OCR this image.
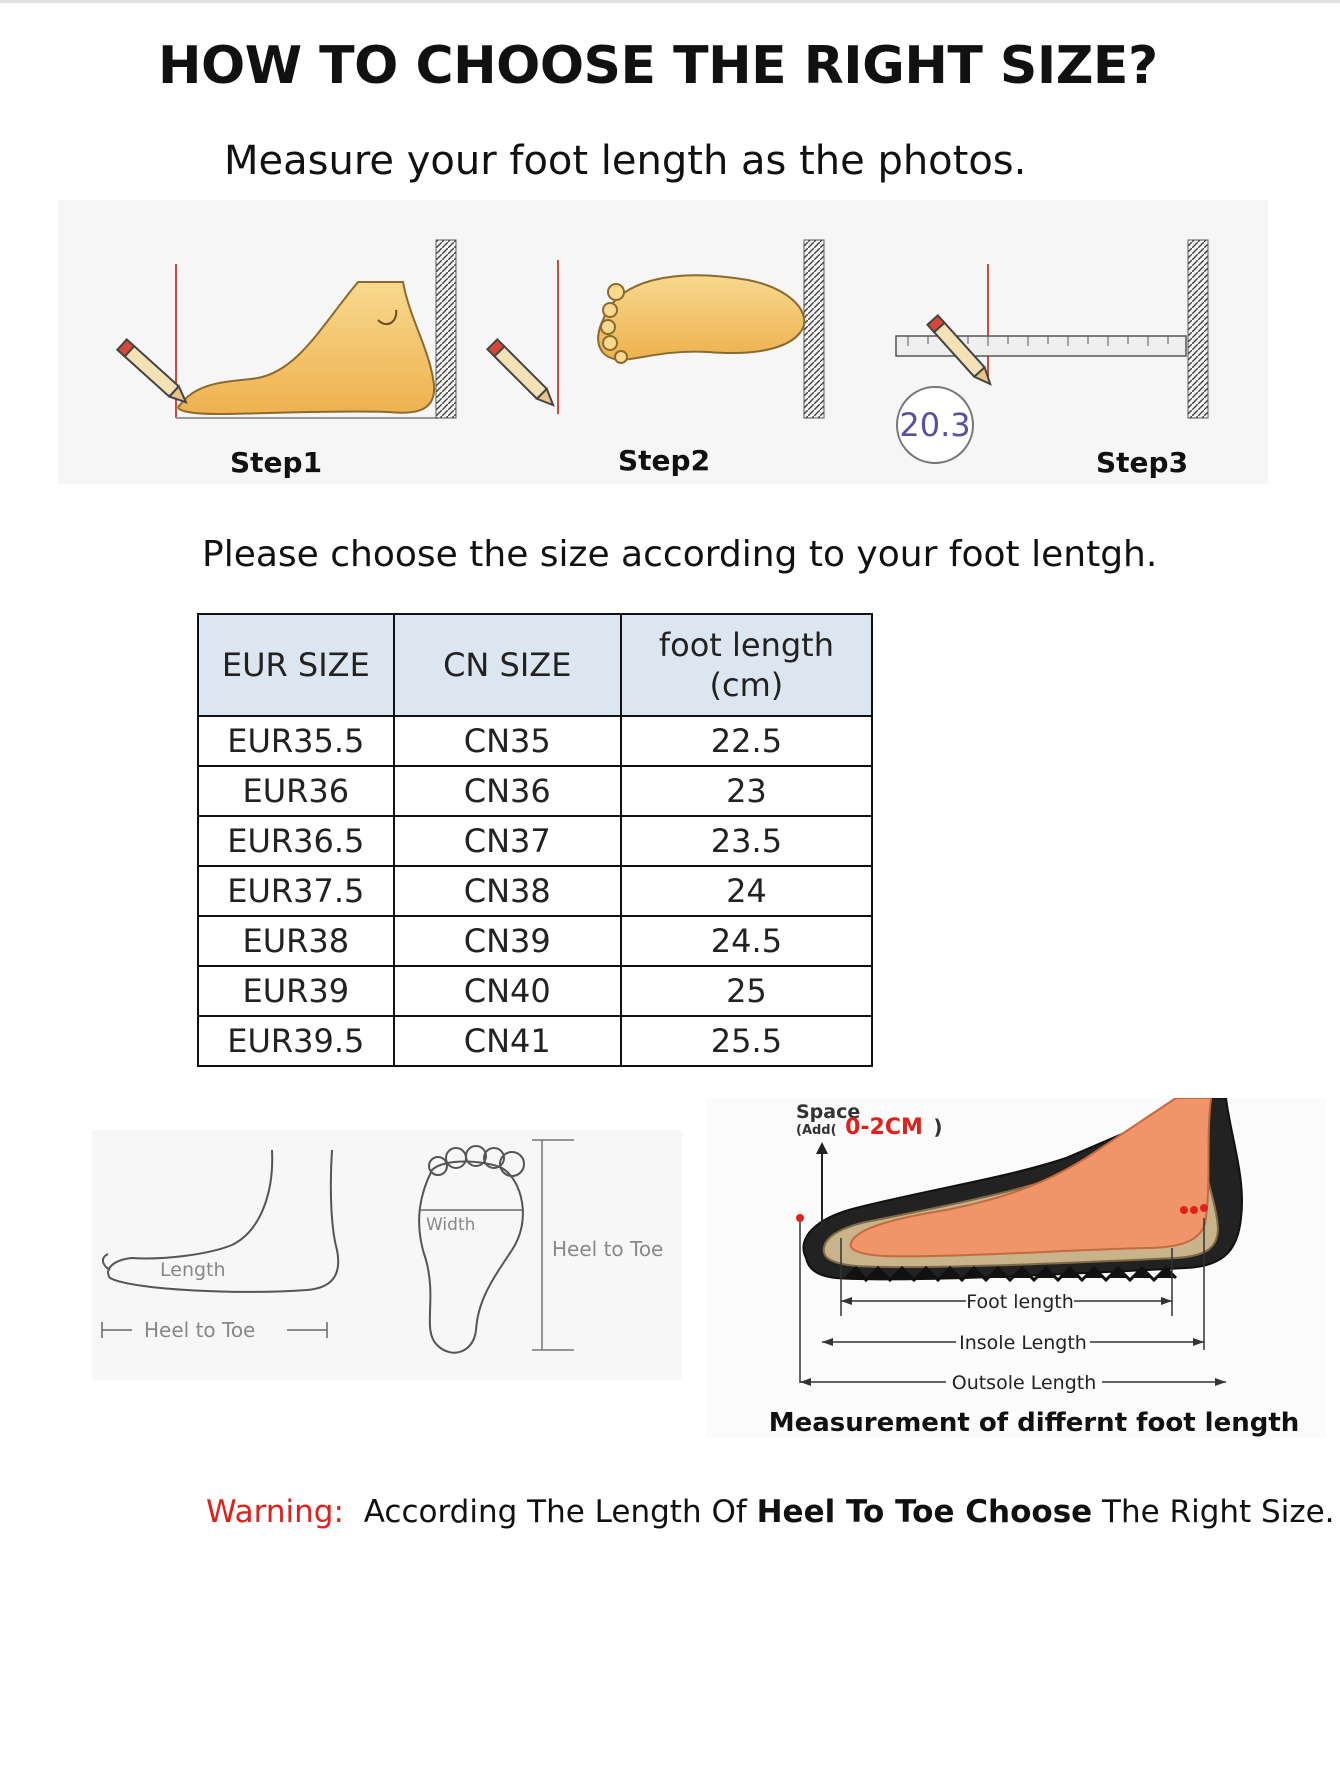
HOW TO CHOOSE THE RIGHT SIZE?
Measure your foot length as the photos.
20.3
Step1	Step2	Step3
Please choose the size according to your foot lentgh.
EUR SIZE	CN SIZE	foot length
(cm)
EUR35.5	CN35	22.5
EUR36	CN36	23
EUR36.5	CN37	23.5
EUR37.5	CN38	24
EUR38	CN39	24.5
EUR39	CN40	25
EUR39.5	CN41	25.5
Length
Heel to Toe
Width
Heel to Toe
Space
(Add( 0-2CM )
Foot length
Insole Length
Outsole Length
Measurement of differnt foot length
Warning: According The Length Of Heel To Toe Choose The Right Size.
